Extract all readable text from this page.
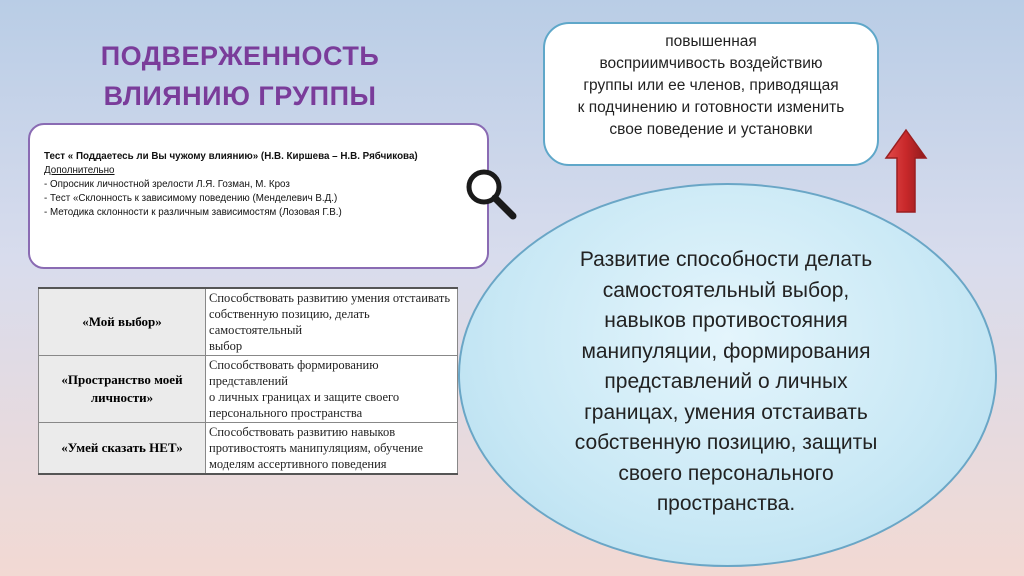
ПОДВЕРЖЕННОСТЬ
ВЛИЯНИЮ ГРУППЫ
повышенная
восприимчивость воздействию
группы или ее членов, приводящая
к подчинению и готовности изменить
свое поведение и установки
Тест « Поддаетесь ли Вы чужому влиянию» (Н.В. Киршева – Н.В. Рябчикова)
Дополнительно
- Опросник личностной зрелости Л.Я. Гозман, М. Кроз
- Тест «Склонность к зависимому поведению (Менделевич В.Д.)
- Методика склонности к различным зависимостям (Лозовая Г.В.)
«Мой выбор»	Способствовать развитию умения отстаивать
собственную позицию, делать самостоятельный
выбор

«Пространство моей личности»	Способствовать формированию представлений
о личных границах и защите своего
персонального пространства

«Умей сказать НЕТ»	Способствовать развитию навыков
противостоять манипуляциям, обучение
моделям ассертивного поведения
Развитие способности делать
самостоятельный выбор,
навыков противостояния
манипуляции, формирования
представлений о личных
границах, умения отстаивать
собственную позицию, защиты
своего персонального
пространства.
